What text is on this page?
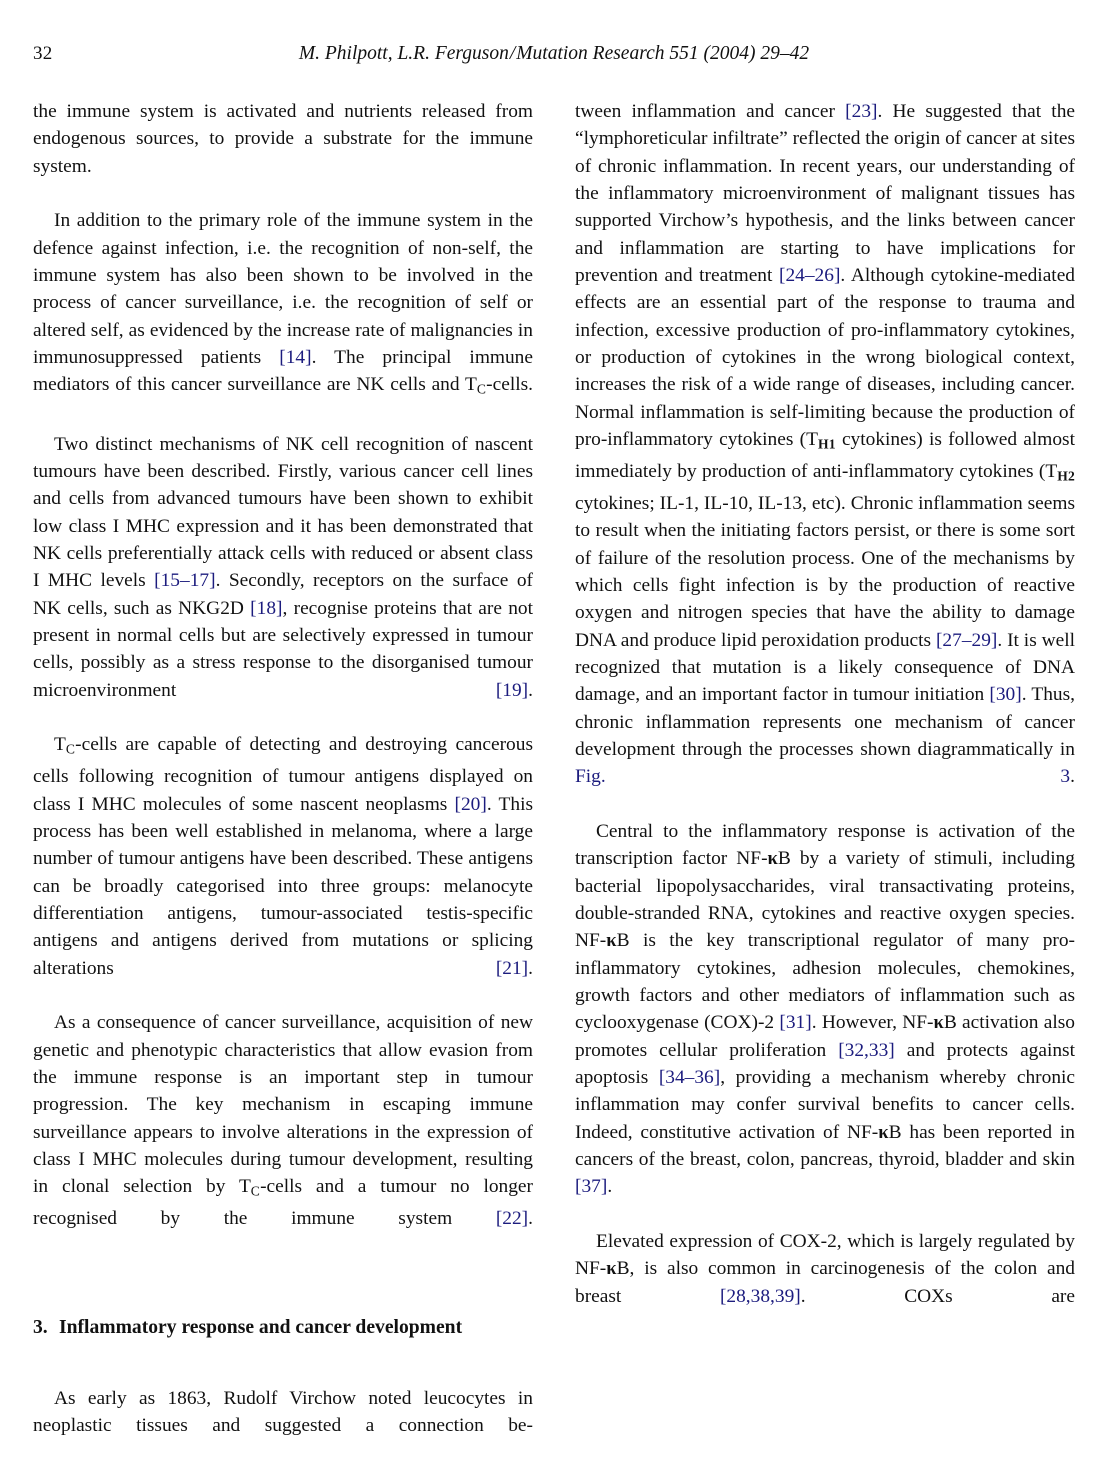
32	M. Philpott, L.R. Ferguson/Mutation Research 551 (2004) 29–42

the immune system is activated and nutrients released from endogenous sources, to provide a substrate for the immune system.

In addition to the primary role of the immune system in the defence against infection, i.e. the recognition of non-self, the immune system has also been shown to be involved in the process of cancer surveillance, i.e. the recognition of self or altered self, as evidenced by the increase rate of malignancies in immunosuppressed patients [14]. The principal immune mediators of this cancer surveillance are NK cells and $T_C$-cells.

Two distinct mechanisms of NK cell recognition of nascent tumours have been described. Firstly, various cancer cell lines and cells from advanced tumours have been shown to exhibit low class I MHC expression and it has been demonstrated that NK cells preferentially attack cells with reduced or absent class I MHC levels [15–17]. Secondly, receptors on the surface of NK cells, such as NKG2D [18], recognise proteins that are not present in normal cells but are selectively expressed in tumour cells, possibly as a stress response to the disorganised tumour microenvironment [19].

$T_C$-cells are capable of detecting and destroying cancerous cells following recognition of tumour antigens displayed on class I MHC molecules of some nascent neoplasms [20]. This process has been well established in melanoma, where a large number of tumour antigens have been described. These antigens can be broadly categorised into three groups: melanocyte differentiation antigens, tumour-associated testis-specific antigens and antigens derived from mutations or splicing alterations [21].

As a consequence of cancer surveillance, acquisition of new genetic and phenotypic characteristics that allow evasion from the immune response is an important step in tumour progression. The key mechanism in escaping immune surveillance appears to involve alterations in the expression of class I MHC molecules during tumour development, resulting in clonal selection by $T_C$-cells and a tumour no longer recognised by the immune system [22].

3. Inflammatory response and cancer development

As early as 1863, Rudolf Virchow noted leucocytes in neoplastic tissues and suggested a connection be-

tween inflammation and cancer [23]. He suggested that the “lymphoreticular infiltrate” reflected the origin of cancer at sites of chronic inflammation. In recent years, our understanding of the inflammatory microenvironment of malignant tissues has supported Virchow’s hypothesis, and the links between cancer and inflammation are starting to have implications for prevention and treatment [24–26]. Although cytokine-mediated effects are an essential part of the response to trauma and infection, excessive production of pro-inflammatory cytokines, or production of cytokines in the wrong biological context, increases the risk of a wide range of diseases, including cancer. Normal inflammation is self-limiting because the production of pro-inflammatory cytokines (TH1 cytokines) is followed almost immediately by production of anti-inflammatory cytokines (TH2 cytokines; IL-1, IL-10, IL-13, etc). Chronic inflammation seems to result when the initiating factors persist, or there is some sort of failure of the resolution process. One of the mechanisms by which cells fight infection is by the production of reactive oxygen and nitrogen species that have the ability to damage DNA and produce lipid peroxidation products [27–29]. It is well recognized that mutation is a likely consequence of DNA damage, and an important factor in tumour initiation [30]. Thus, chronic inflammation represents one mechanism of cancer development through the processes shown diagrammatically in Fig. 3.

Central to the inflammatory response is activation of the transcription factor NF-κB by a variety of stimuli, including bacterial lipopolysaccharides, viral transactivating proteins, double-stranded RNA, cytokines and reactive oxygen species. NF-κB is the key transcriptional regulator of many pro-inflammatory cytokines, adhesion molecules, chemokines, growth factors and other mediators of inflammation such as cyclooxygenase (COX)-2 [31]. However, NF-κB activation also promotes cellular proliferation [32,33] and protects against apoptosis [34–36], providing a mechanism whereby chronic inflammation may confer survival benefits to cancer cells. Indeed, constitutive activation of NF-κB has been reported in cancers of the breast, colon, pancreas, thyroid, bladder and skin [37].

Elevated expression of COX-2, which is largely regulated by NF-κB, is also common in carcinogenesis of the colon and breast [28,38,39]. COXs are
